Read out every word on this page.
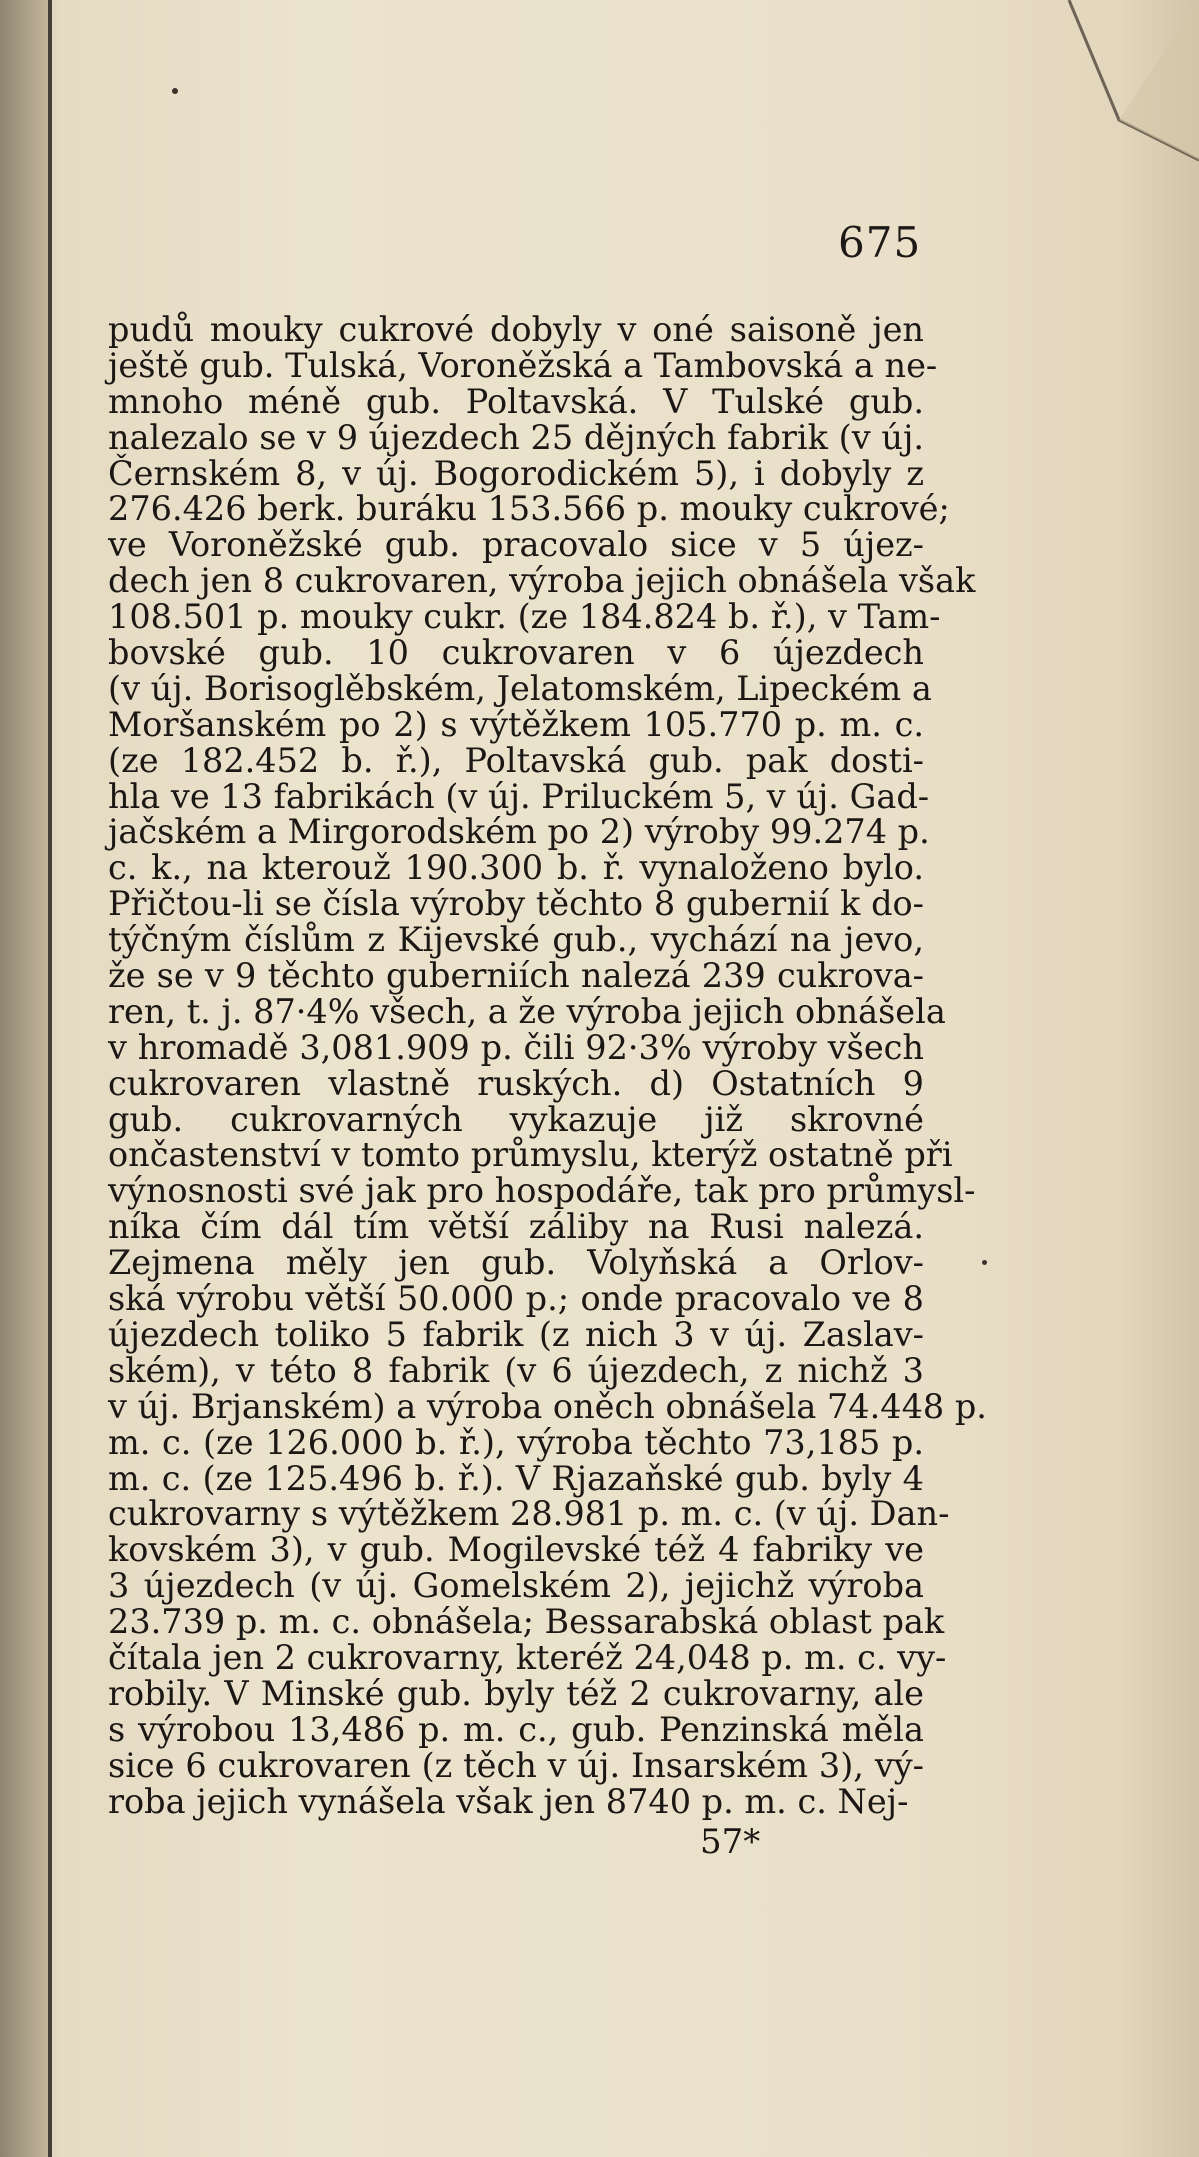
675
pudů mouky cukrové dobyly v oné saisoně jen
ještě gub. Tulská, Voroněžská a Tambovská a ne-
mnoho méně gub. Poltavská. V Tulské gub.
nalezalo se v 9 újezdech 25 dějných fabrik (v új.
Černském 8, v új. Bogorodickém 5), i dobyly z
276.426 berk. buráku 153.566 p. mouky cukrové;
ve Voroněžské gub. pracovalo sice v 5 újez-
dech jen 8 cukrovaren, výroba jejich obnášela však
108.501 p. mouky cukr. (ze 184.824 b. ř.), v Tam-
bovské gub. 10 cukrovaren v 6 újezdech
(v új. Borisoglěbském, Jelatomském, Lipeckém a
Moršanském po 2) s výtěžkem 105.770 p. m. c.
(ze 182.452 b. ř.), Poltavská gub. pak dosti-
hla ve 13 fabrikách (v új. Priluckém 5, v új. Gad-
jačském a Mirgorodském po 2) výroby 99.274 p.
c. k., na kterouž 190.300 b. ř. vynaloženo bylo.
Přičtou-li se čísla výroby těchto 8 gubernií k do-
týčným číslům z Kijevské gub., vychází na jevo,
že se v 9 těchto guberniích nalezá 239 cukrova-
ren, t. j. 87·4% všech, a že výroba jejich obnášela
v hromadě 3,081.909 p. čili 92·3% výroby všech
cukrovaren vlastně ruských. d) Ostatních 9
gub. cukrovarných vykazuje již skrovné
ončastenství v tomto průmyslu, kterýž ostatně při
výnosnosti své jak pro hospodáře, tak pro průmysl-
níka čím dál tím větší záliby na Rusi nalezá.
Zejmena měly jen gub. Volyňská a Orlov-
ská výrobu větší 50.000 p.; onde pracovalo ve 8
újezdech toliko 5 fabrik (z nich 3 v új. Zaslav-
ském), v této 8 fabrik (v 6 újezdech, z nichž 3
v új. Brjanském) a výroba oněch obnášela 74.448 p.
m. c. (ze 126.000 b. ř.), výroba těchto 73,185 p.
m. c. (ze 125.496 b. ř.). V Rjazaňské gub. byly 4
cukrovarny s výtěžkem 28.981 p. m. c. (v új. Dan-
kovském 3), v gub. Mogilevské též 4 fabriky ve
3 újezdech (v új. Gomelském 2), jejichž výroba
23.739 p. m. c. obnášela; Bessarabská oblast pak
čítala jen 2 cukrovarny, kteréž 24,048 p. m. c. vy-
robily. V Minské gub. byly též 2 cukrovarny, ale
s výrobou 13,486 p. m. c., gub. Penzinská měla
sice 6 cukrovaren (z těch v új. Insarském 3), vý-
roba jejich vynášela však jen 8740 p. m. c. Nej-
57*
